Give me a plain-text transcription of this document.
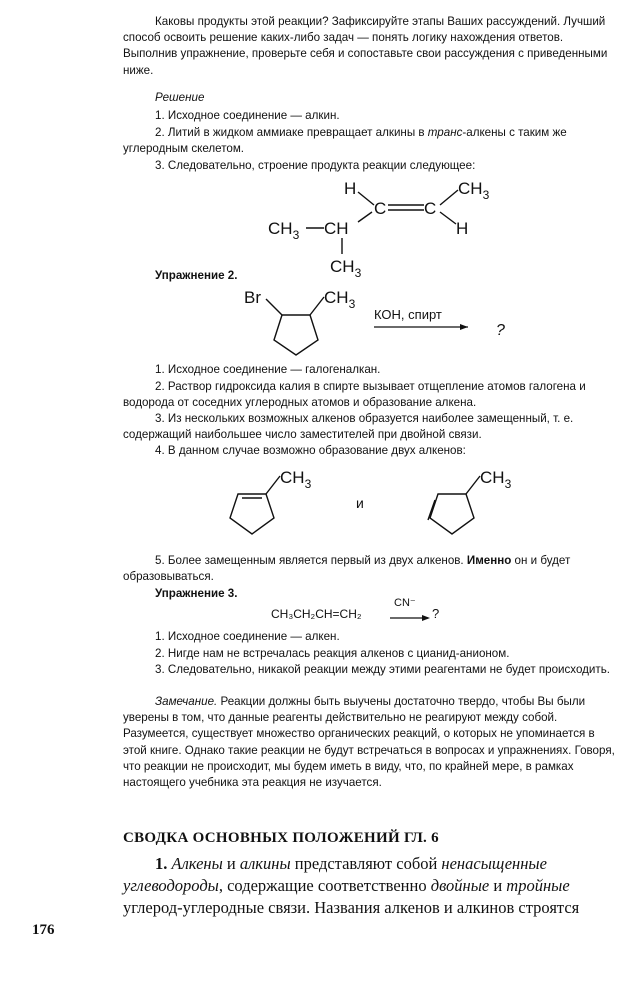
Каковы продукты этой реакции? Зафиксируйте этапы Ваших рассуждений. Лучший способ освоить решение каких-либо задач — понять логику нахождения ответов. Выполнив упражнение, проверьте себя и сопоставьте свои рассуждения с приведенными ниже.

Решение

1. Исходное соединение — алкин.

2. Литий в жидком аммиаке превращает алкины в транс-алкены с таким же углеродным скелетом.

3. Следовательно, строение продукта реакции следующее:

H	$CH_3$
C C
H
$CH_3$ CH
$CH_3$

Упражнение 2.

Br	$CH_3$
КОН, спирт
?

1. Исходное соединение — галогеналкан.

2. Раствор гидроксида калия в спирте вызывает отщепление атомов галогена и водорода от соседних углеродных атомов и образование алкена.

3. Из нескольких возможных алкенов образуется наиболее замещенный, т. е. содержащий наибольшее число заместителей при двойной связи.

4. В данном случае возможно образование двух алкенов:

$CH_3$
и
$CH_3$

5. Более замещенным является первый из двух алкенов. Именно он и будет образовываться.

Упражнение 3.

CH₃CH₂CH=CH₂
CN⁻
?

1. Исходное соединение — алкен.

2. Нигде нам не встречалась реакция алкенов с цианид-анионом.

3. Следовательно, никакой реакции между этими реагентами не будет происходить.

Замечание. Реакции должны быть выучены достаточно твердо, чтобы Вы были уверены в том, что данные реагенты действительно не реагируют между собой. Разумеется, существует множество органических реакций, о которых не упоминается в этой книге. Однако такие реакции не будут встречаться в вопросах и упражнениях. Говоря, что реакции не происходит, мы будем иметь в виду, что, по крайней мере, в рамках настоящего учебника эта реакция не изучается.

СВОДКА ОСНОВНЫХ ПОЛОЖЕНИЙ ГЛ. 6

1. Алкены и алкины представляют собой ненасыщенные углеводороды, содержащие соответственно двойные и тройные углерод-углеродные связи. Названия алкенов и алкинов строятся

176
